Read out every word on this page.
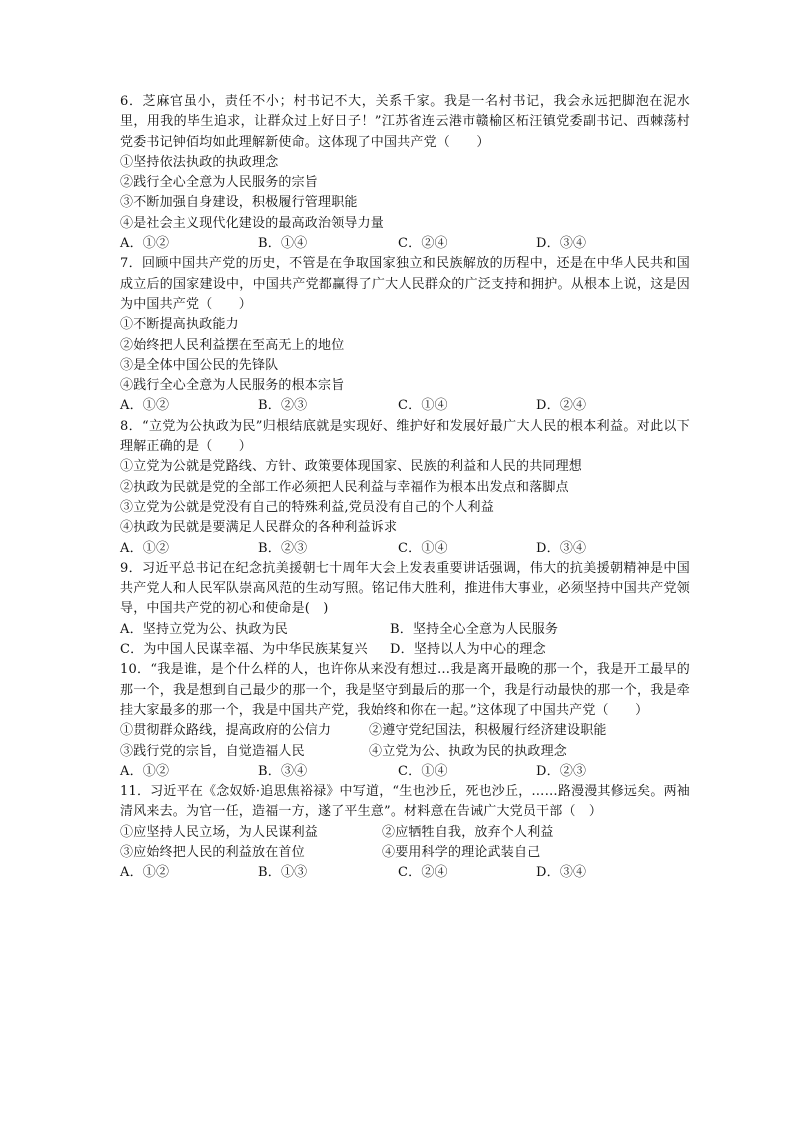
6．芝麻官虽小，责任不小；村书记不大，关系千家。我是一名村书记，我会永远把脚泡在泥水里，用我的毕生追求，让群众过上好日子！”江苏省连云港市赣榆区柘汪镇党委副书记、西棘荡村党委书记钟佰均如此理解新使命。这体现了中国共产党（　　）

①坚持依法执政的执政理念

②践行全心全意为人民服务的宗旨

③不断加强自身建设，积极履行管理职能

④是社会主义现代化建设的最高政治领导力量

A．①②	B．①④	C．②④	D．③④

7．回顾中国共产党的历史，不管是在争取国家独立和民族解放的历程中，还是在中华人民共和国成立后的国家建设中，中国共产党都赢得了广大人民群众的广泛支持和拥护。从根本上说，这是因为中国共产党（　　）

①不断提高执政能力

②始终把人民利益摆在至高无上的地位

③是全体中国公民的先锋队

④践行全心全意为人民服务的根本宗旨

A．①②	B．②③	C．①④	D．②④

8．“立党为公执政为民”归根结底就是实现好、维护好和发展好最广大人民的根本利益。对此以下理解正确的是（　　）

①立党为公就是党路线、方针、政策要体现国家、民族的利益和人民的共同理想

②执政为民就是党的全部工作必须把人民利益与幸福作为根本出发点和落脚点

③立党为公就是党没有自己的特殊利益,党员没有自己的个人利益

④执政为民就是要满足人民群众的各种利益诉求

A．①②	B．②③	C．①④	D．③④

9．习近平总书记在纪念抗美援朝七十周年大会上发表重要讲话强调，伟大的抗美援朝精神是中国共产党人和人民军队崇高风范的生动写照。铭记伟大胜利，推进伟大事业，必须坚持中国共产党领导，中国共产党的初心和使命是(　)

A．坚持立党为公、执政为民	B．坚持全心全意为人民服务
C．为中国人民谋幸福、为中华民族某复兴	D．坚持以人为中心的理念

10．“我是谁，是个什么样的人，也许你从来没有想过…我是离开最晚的那一个，我是开工最早的那一个，我是想到自己最少的那一个，我是坚守到最后的那一个，我是行动最快的那一个，我是牵挂大家最多的那一个，我是中国共产党，我始终和你在一起。”这体现了中国共产党（　　）

①贯彻群众路线，提高政府的公信力	②遵守党纪国法，积极履行经济建设职能
③践行党的宗旨，自觉造福人民	④立党为公、执政为民的执政理念
A．①②	B．③④	C．①④	D．②③

11．习近平在《念奴娇·追思焦裕禄》中写道，“生也沙丘，死也沙丘，……路漫漫其修远矣。两袖清风来去。为官一任，造福一方，遂了平生意”。材料意在告诫广大党员干部（　）

①应坚持人民立场，为人民谋利益	②应牺牲自我，放弃个人利益
③应始终把人民的利益放在首位	④要用科学的理论武装自己
A．①②	B．①③	C．②④	D．③④
